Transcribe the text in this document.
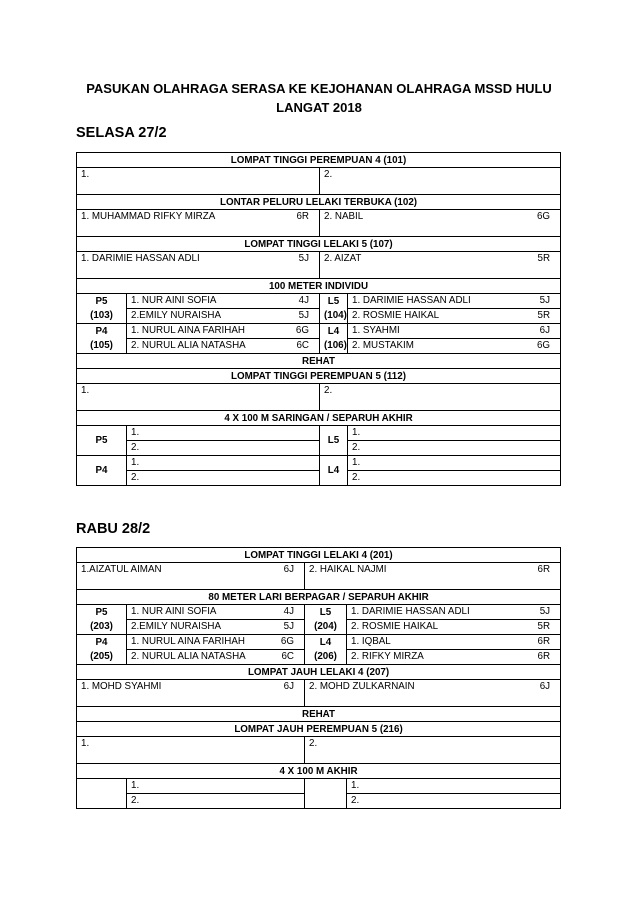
PASUKAN OLAHRAGA SERASA KE KEJOHANAN OLAHRAGA MSSD HULU
LANGAT 2018
SELASA 27/2
LOMPAT TINGGI PEREMPUAN 4 (101)			
1.		2.	
LONTAR PELURU LELAKI TERBUKA (102)			

1. MUHAMMAD RIFKY MIRZA 6R		2. NABIL 6G	

LOMPAT TINGGI LELAKI 5 (107)			

1. DARIMIE HASSAN ADLI 5J		2. AIZAT 5R	

100 METER INDIVIDU			
P5	1. NUR AINI SOFIA 4J	L5	1. DARIMIE HASSAN ADLI 5J

(103)	2.EMILY NURAISHA 5J	(104)	2. ROSMIE HAIKAL 5R

P4	1. NURUL AINA FARIHAH 6G	L4	1. SYAHMI 6J

(105)	2. NURUL ALIA NATASHA 6C	(106)	2. MUSTAKIM 6G

REHAT			
LOMPAT TINGGI PEREMPUAN 5 (112)			
1.		2.	
4 X 100 M SARINGAN / SEPARUH AKHIR			
P5	1.	L5	1.
	2.		2.
P4	1.	L4	1.
	2.		2.
RABU 28/2
LOMPAT TINGGI LELAKI 4 (201)			

1.AIZATUL AIMAN 6J		2. HAIKAL NAJMI 6R	

80 METER LARI BERPAGAR / SEPARUH AKHIR			
P5	1. NUR AINI SOFIA 4J	L5	1. DARIMIE HASSAN ADLI 5J

(203)	2.EMILY NURAISHA 5J	(204)	2. ROSMIE HAIKAL 5R

P4	1. NURUL AINA FARIHAH 6G	L4	1. IQBAL 6R

(205)	2. NURUL ALIA NATASHA 6C	(206)	2. RIFKY MIRZA 6R

LOMPAT JAUH LELAKI 4 (207)			

1. MOHD SYAHMI 6J		2. MOHD ZULKARNAIN 6J	

REHAT			
LOMPAT JAUH PEREMPUAN 5 (216)			
1.		2.	
4 X 100 M AKHIR			
	1.		1.
	2.		2.
